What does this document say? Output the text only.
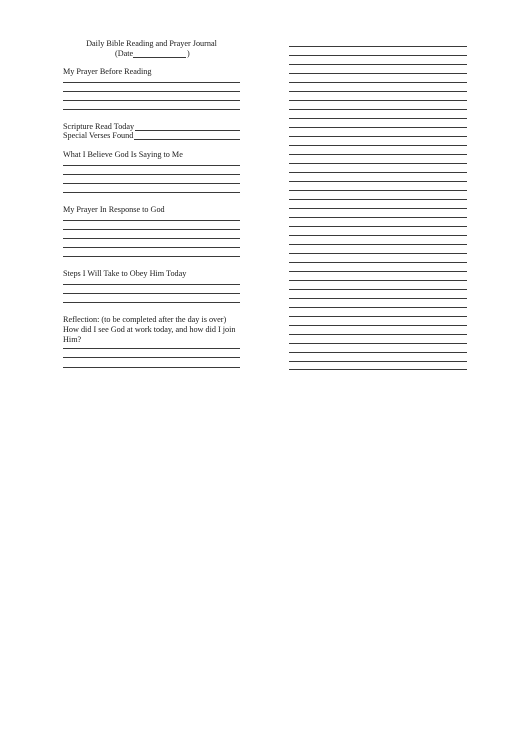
Daily Bible Reading and Prayer Journal
(Date	)
My Prayer Before Reading
Scripture Read Today
Special Verses Found
What I Believe God Is Saying to Me
My Prayer In Response to God
Steps I Will Take to Obey Him Today
Reflection: (to be completed after the day is over) How did I see God at work today, and how did I join Him?
